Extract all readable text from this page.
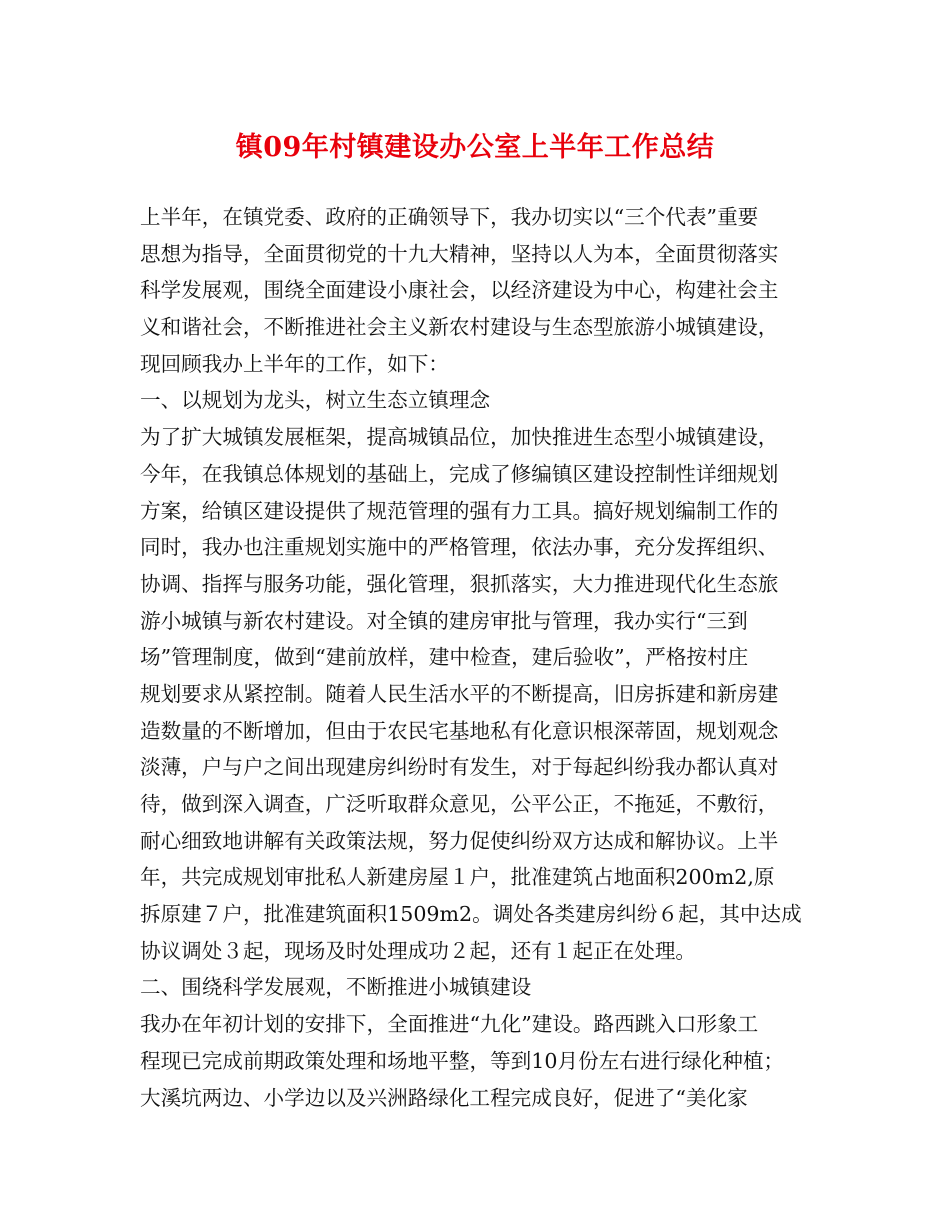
镇09年村镇建设办公室上半年工作总结
上半年，在镇党委、政府的正确领导下，我办切实以“三个代表”重要
思想为指导，全面贯彻党的十九大精神，坚持以人为本，全面贯彻落实
科学发展观，围绕全面建设小康社会，以经济建设为中心，构建社会主
义和谐社会，不断推进社会主义新农村建设与生态型旅游小城镇建设，
现回顾我办上半年的工作，如下：
一、以规划为龙头，树立生态立镇理念
为了扩大城镇发展框架，提高城镇品位，加快推进生态型小城镇建设，
今年，在我镇总体规划的基础上，完成了修编镇区建设控制性详细规划
方案，给镇区建设提供了规范管理的强有力工具。搞好规划编制工作的
同时，我办也注重规划实施中的严格管理，依法办事，充分发挥组织、
协调、指挥与服务功能，强化管理，狠抓落实，大力推进现代化生态旅
游小城镇与新农村建设。对全镇的建房审批与管理，我办实行“三到
场”管理制度，做到“建前放样，建中检查，建后验收”，严格按村庄
规划要求从紧控制。随着人民生活水平的不断提高，旧房拆建和新房建
造数量的不断增加，但由于农民宅基地私有化意识根深蒂固，规划观念
淡薄，户与户之间出现建房纠纷时有发生，对于每起纠纷我办都认真对
待，做到深入调查，广泛听取群众意见，公平公正，不拖延，不敷衍，
耐心细致地讲解有关政策法规，努力促使纠纷双方达成和解协议。上半
年，共完成规划审批私人新建房屋１户，批准建筑占地面积200m2,原
拆原建７户，批准建筑面积1509m2。调处各类建房纠纷６起，其中达成
协议调处３起，现场及时处理成功２起，还有１起正在处理。
二、围绕科学发展观，不断推进小城镇建设
我办在年初计划的安排下，全面推进“九化”建设。路西跳入口形象工
程现已完成前期政策处理和场地平整，等到10月份左右进行绿化种植；
大溪坑两边、小学边以及兴洲路绿化工程完成良好，促进了“美化家
